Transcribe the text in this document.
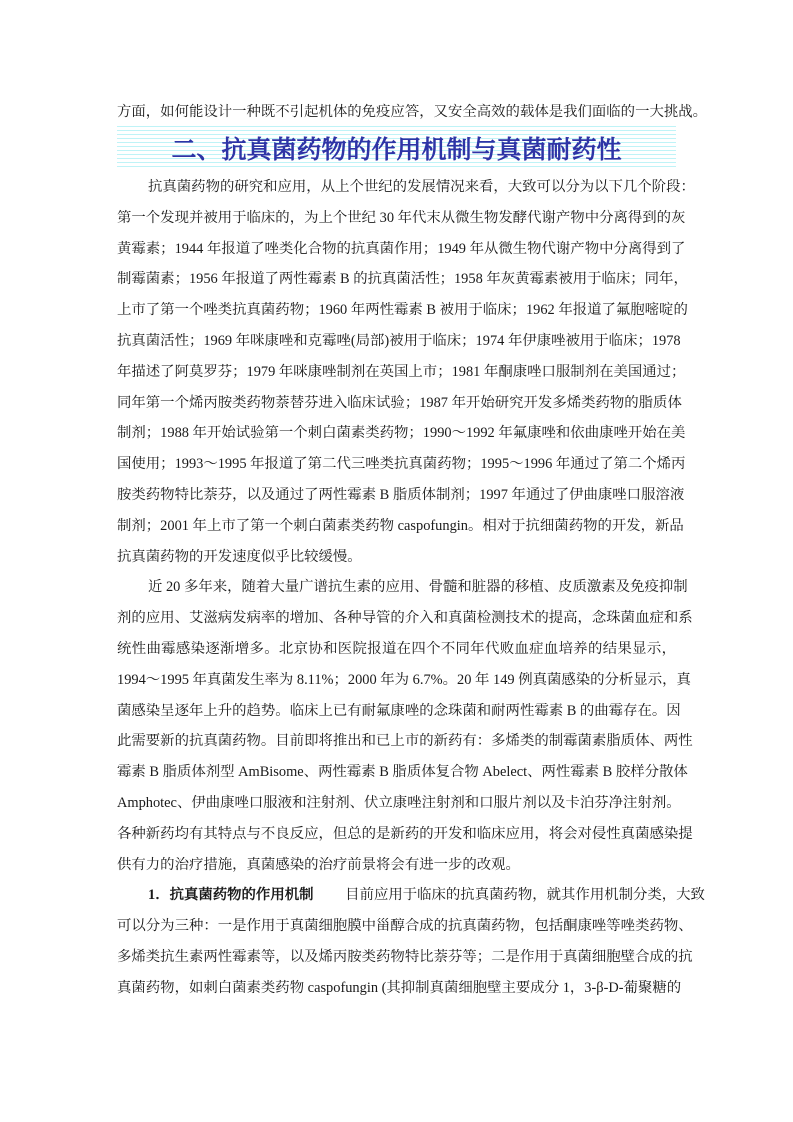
方面，如何能设计一种既不引起机体的免疫应答，又安全高效的载体是我们面临的一大挑战。
二、抗真菌药物的作用机制与真菌耐药性
抗真菌药物的研究和应用，从上个世纪的发展情况来看，大致可以分为以下几个阶段：
第一个发现并被用于临床的，为上个世纪 30 年代末从微生物发酵代谢产物中分离得到的灰
黄霉素；1944 年报道了唑类化合物的抗真菌作用；1949 年从微生物代谢产物中分离得到了
制霉菌素；1956 年报道了两性霉素 B 的抗真菌活性；1958 年灰黄霉素被用于临床；同年，
上市了第一个唑类抗真菌药物；1960 年两性霉素 B 被用于临床；1962 年报道了氟胞嘧啶的
抗真菌活性；1969 年咪康唑和克霉唑(局部)被用于临床；1974 年伊康唑被用于临床；1978
年描述了阿莫罗芬；1979 年咪康唑制剂在英国上市；1981 年酮康唑口服制剂在美国通过；
同年第一个烯丙胺类药物萘替芬进入临床试验；1987 年开始研究开发多烯类药物的脂质体
制剂；1988 年开始试验第一个刺白菌素类药物；1990～1992 年氟康唑和依曲康唑开始在美
国使用；1993～1995 年报道了第二代三唑类抗真菌药物；1995～1996 年通过了第二个烯丙
胺类药物特比萘芬，以及通过了两性霉素 B 脂质体制剂；1997 年通过了伊曲康唑口服溶液
制剂；2001 年上市了第一个刺白菌素类药物 caspofungin。相对于抗细菌药物的开发，新品
抗真菌药物的开发速度似乎比较缓慢。
近 20 多年来，随着大量广谱抗生素的应用、骨髓和脏器的移植、皮质激素及免疫抑制
剂的应用、艾滋病发病率的增加、各种导管的介入和真菌检测技术的提高，念珠菌血症和系
统性曲霉感染逐渐增多。北京协和医院报道在四个不同年代败血症血培养的结果显示，
1994～1995 年真菌发生率为 8.11%；2000 年为 6.7%。20 年 149 例真菌感染的分析显示，真
菌感染呈逐年上升的趋势。临床上已有耐氟康唑的念珠菌和耐两性霉素 B 的曲霉存在。因
此需要新的抗真菌药物。目前即将推出和已上市的新药有：多烯类的制霉菌素脂质体、两性
霉素 B 脂质体剂型 AmBisome、两性霉素 B 脂质体复合物 Abelect、两性霉素 B 胶样分散体
Amphotec、伊曲康唑口服液和注射剂、伏立康唑注射剂和口服片剂以及卡泊芬净注射剂。
各种新药均有其特点与不良反应，但总的是新药的开发和临床应用，将会对侵性真菌感染提
供有力的治疗措施，真菌感染的治疗前景将会有进一步的改观。
1．抗真菌药物的作用机制 目前应用于临床的抗真菌药物，就其作用机制分类，大致
可以分为三种：一是作用于真菌细胞膜中甾醇合成的抗真菌药物，包括酮康唑等唑类药物、
多烯类抗生素两性霉素等，以及烯丙胺类药物特比萘芬等；二是作用于真菌细胞壁合成的抗
真菌药物，如刺白菌素类药物 caspofungin (其抑制真菌细胞壁主要成分 1，3-β-D-葡聚糖的
